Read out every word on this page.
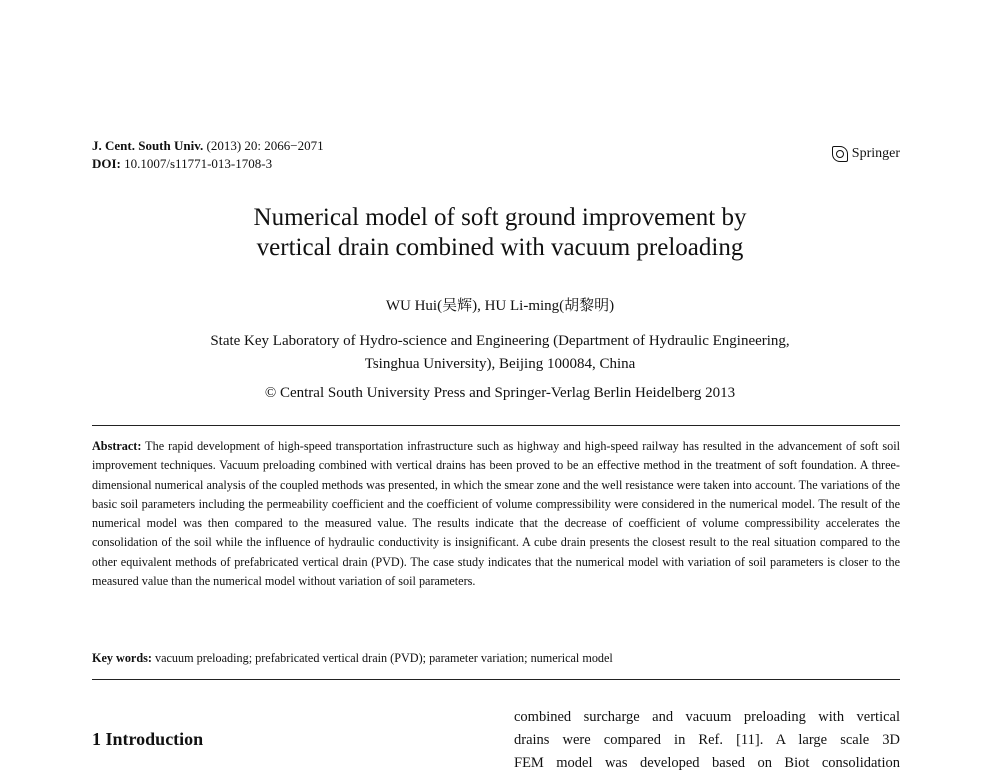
J. Cent. South Univ. (2013) 20: 2066−2071
DOI: 10.1007/s11771-013-1708-3
Springer
Numerical model of soft ground improvement by
vertical drain combined with vacuum preloading
WU Hui(吴辉), HU Li-ming(胡黎明)
State Key Laboratory of Hydro-science and Engineering (Department of Hydraulic Engineering,
Tsinghua University), Beijing 100084, China
© Central South University Press and Springer-Verlag Berlin Heidelberg 2013
Abstract: The rapid development of high-speed transportation infrastructure such as highway and high-speed railway has resulted in the advancement of soft soil improvement techniques. Vacuum preloading combined with vertical drains has been proved to be an effective method in the treatment of soft foundation. A three-dimensional numerical analysis of the coupled methods was presented, in which the smear zone and the well resistance were taken into account. The variations of the basic soil parameters including the permeability coefficient and the coefficient of volume compressibility were considered in the numerical model. The result of the numerical model was then compared to the measured value. The results indicate that the decrease of coefficient of volume compressibility accelerates the consolidation of the soil while the influence of hydraulic conductivity is insignificant. A cube drain presents the closest result to the real situation compared to the other equivalent methods of prefabricated vertical drain (PVD). The case study indicates that the numerical model with variation of soil parameters is closer to the measured value than the numerical model without variation of soil parameters.
Key words: vacuum preloading; prefabricated vertical drain (PVD); parameter variation; numerical model
1 Introduction
combined surcharge and vacuum preloading with vertical
drains were compared in Ref. [11]. A large scale 3D
FEM model was developed based on Biot consolidation
